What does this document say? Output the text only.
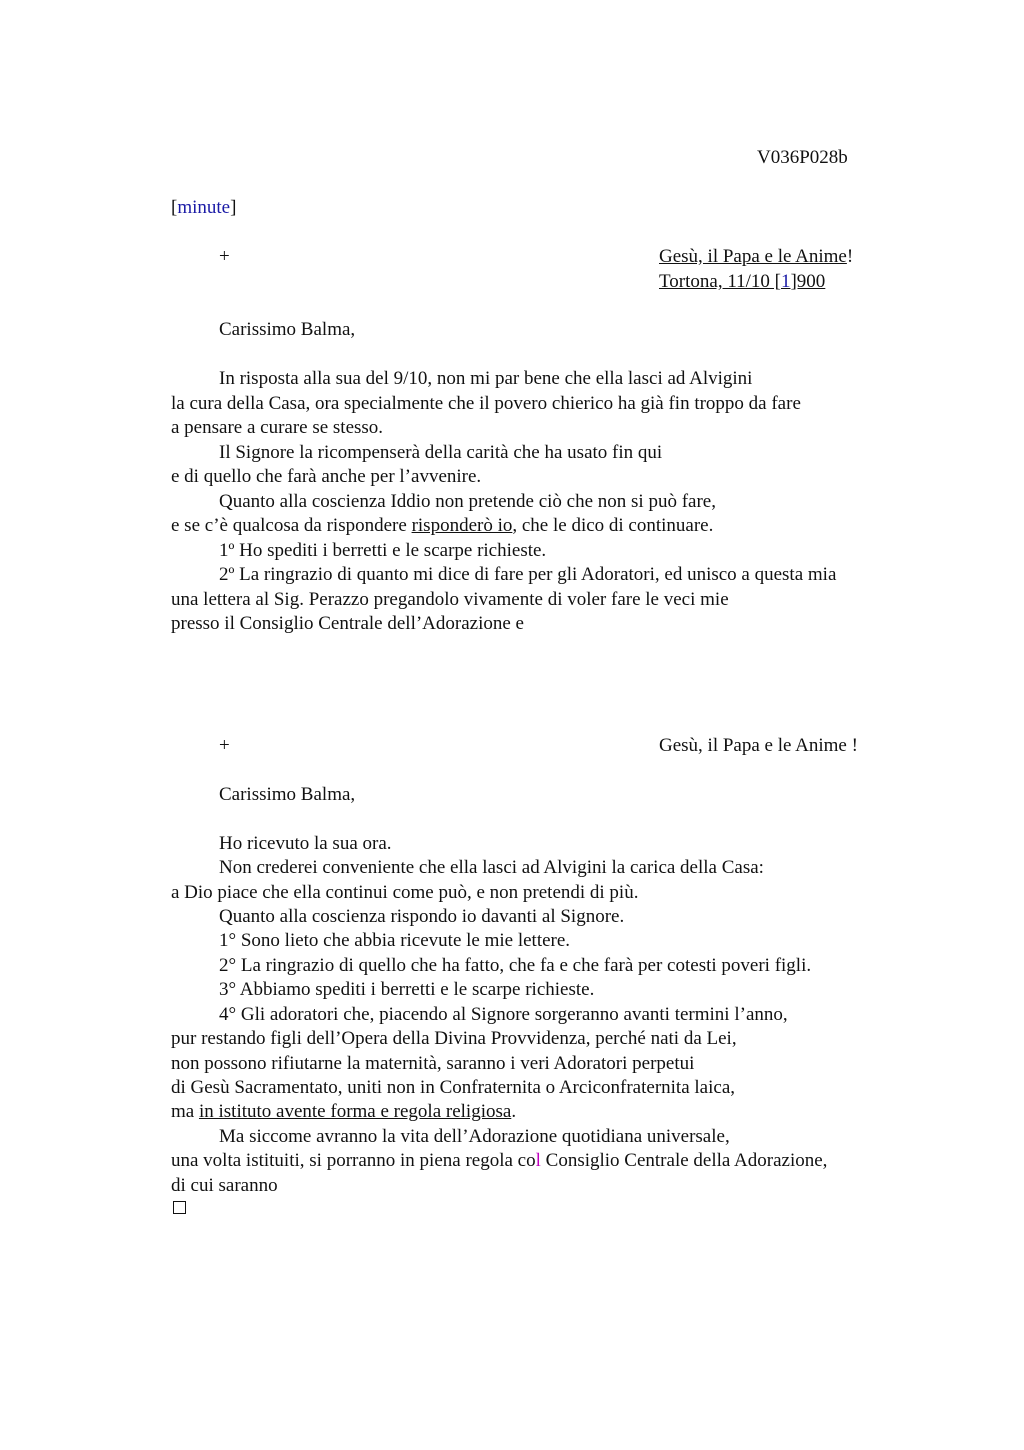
V036P028b
[minute]
+	Gesù, il Papa e le Anime!
Tortona, 11/10 [1]900
Carissimo Balma,
In risposta alla sua del 9/10, non mi par bene che ella lasci ad Alvigini
la cura della Casa, ora specialmente che il povero chierico ha già fin troppo da fare
a pensare a curare se stesso.
Il Signore la ricompenserà della carità che ha usato fin qui
e di quello che farà anche per l’avvenire.
Quanto alla coscienza Iddio non pretende ciò che non si può fare,
e se c’è qualcosa da rispondere risponderò io, che le dico di continuare.
1º Ho spediti i berretti e le scarpe richieste.
2º La ringrazio di quanto mi dice di fare per gli Adoratori, ed unisco a questa mia
una lettera al Sig. Perazzo pregandolo vivamente di voler fare le veci mie
presso il Consiglio Centrale dell’Adorazione e
+	Gesù, il Papa e le Anime !
Carissimo Balma,
Ho ricevuto la sua ora.
Non crederei conveniente che ella lasci ad Alvigini la carica della Casa:
a Dio piace che ella continui come può, e non pretendi di più.
Quanto alla coscienza rispondo io davanti al Signore.
1° Sono lieto che abbia ricevute le mie lettere.
2° La ringrazio di quello che ha fatto, che fa e che farà per cotesti poveri figli.
3° Abbiamo spediti i berretti e le scarpe richieste.
4° Gli adoratori che, piacendo al Signore sorgeranno avanti termini l’anno,
pur restando figli dell’Opera della Divina Provvidenza, perché nati da Lei,
non possono rifiutarne la maternità, saranno i veri Adoratori perpetui
di Gesù Sacramentato, uniti non in Confraternita o Arciconfraternita laica,
ma in istituto avente forma e regola religiosa.
Ma siccome avranno la vita dell’Adorazione quotidiana universale,
una volta istituiti, si porranno in piena regola col Consiglio Centrale della Adorazione,
di cui saranno
